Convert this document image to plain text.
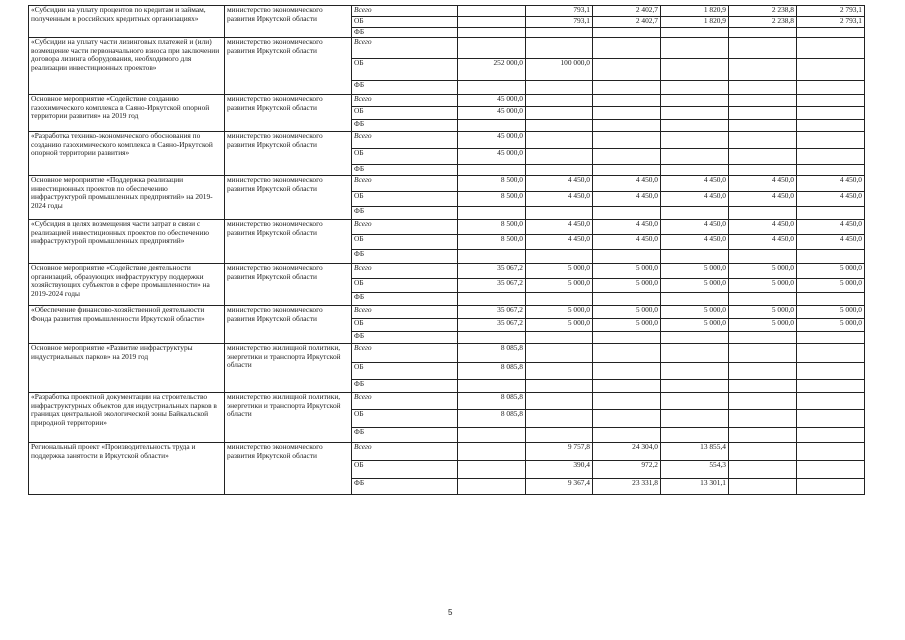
«Субсидии на уплату процентов по кредитам и займам, полученным в российских кредитных организациях»	министерство экономического развития Иркутской области	Всего		793,1	2 402,7	1 820,9	2 238,8	2 793,1	
		ОБ		793,1	2 402,7	1 820,9	2 238,8	2 793,1	
		ФБ							
«Субсидии на уплату части лизинговых платежей и (или) возмещение части первоначального взноса при заключении договора лизинга оборудования, необходимого для реализации инвестиционных проектов»	министерство экономического развития Иркутской области	Всего							
		ОБ	252 000,0	100 000,0					
		ФБ							
Основное мероприятие «Содействие созданию газохимического комплекса в Саяно-Иркутской опорной территории развития» на 2019 год	министерство экономического развития Иркутской области	Всего	45 000,0						
		ОБ	45 000,0						
		ФБ							
«Разработка технико-экономического обоснования по созданию газохимического комплекса в Саяно-Иркутской опорной территории развития»	министерство экономического развития Иркутской области	Всего	45 000,0						
		ОБ	45 000,0						
		ФБ							
Основное мероприятие «Поддержка реализации инвестиционных проектов по обеспечению инфраструктурой промышленных предприятий» на 2019-2024 годы	министерство экономического развития Иркутской области	Всего	8 500,0	4 450,0	4 450,0	4 450,0	4 450,0	4 450,0	
		ОБ	8 500,0	4 450,0	4 450,0	4 450,0	4 450,0	4 450,0	
		ФБ							
«Субсидия в целях возмещения части затрат в связи с реализацией инвестиционных проектов по обеспечению инфраструктурой промышленных предприятий»	министерство экономического развития Иркутской области	Всего	8 500,0	4 450,0	4 450,0	4 450,0	4 450,0	4 450,0	
		ОБ	8 500,0	4 450,0	4 450,0	4 450,0	4 450,0	4 450,0	
		ФБ							
Основное мероприятие «Содействие деятельности организаций, образующих инфраструктуру поддержки хозяйствующих субъектов в сфере промышленности» на 2019-2024 годы	министерство экономического развития Иркутской области	Всего	35 067,2	5 000,0	5 000,0	5 000,0	5 000,0	5 000,0	
		ОБ	35 067,2	5 000,0	5 000,0	5 000,0	5 000,0	5 000,0	
		ФБ							
«Обеспечение финансово-хозяйственной деятельности Фонда развития промышленности Иркутской области»	министерство экономического развития Иркутской области	Всего	35 067,2	5 000,0	5 000,0	5 000,0	5 000,0	5 000,0	
		ОБ	35 067,2	5 000,0	5 000,0	5 000,0	5 000,0	5 000,0	
		ФБ							
Основное мероприятие «Развитие инфраструктуры индустриальных парков» на 2019 год	министерство жилищной политики, энергетики и транспорта Иркутской области	Всего	8 085,8						
		ОБ	8 085,8						
		ФБ							
«Разработка проектной документации на строительство инфраструктурных объектов для индустриальных парков в границах центральной экологической зоны Байкальской природной территории»	министерство жилищной политики, энергетики и транспорта Иркутской области	Всего	8 085,8						
		ОБ	8 085,8						
		ФБ							
Региональный проект «Производительность труда и поддержка занятости в Иркутской области»	министерство экономического развития Иркутской области	Всего		9 757,8	24 304,0	13 855,4			
		ОБ		390,4	972,2	554,3			
		ФБ		9 367,4	23 331,8	13 301,1			
5
